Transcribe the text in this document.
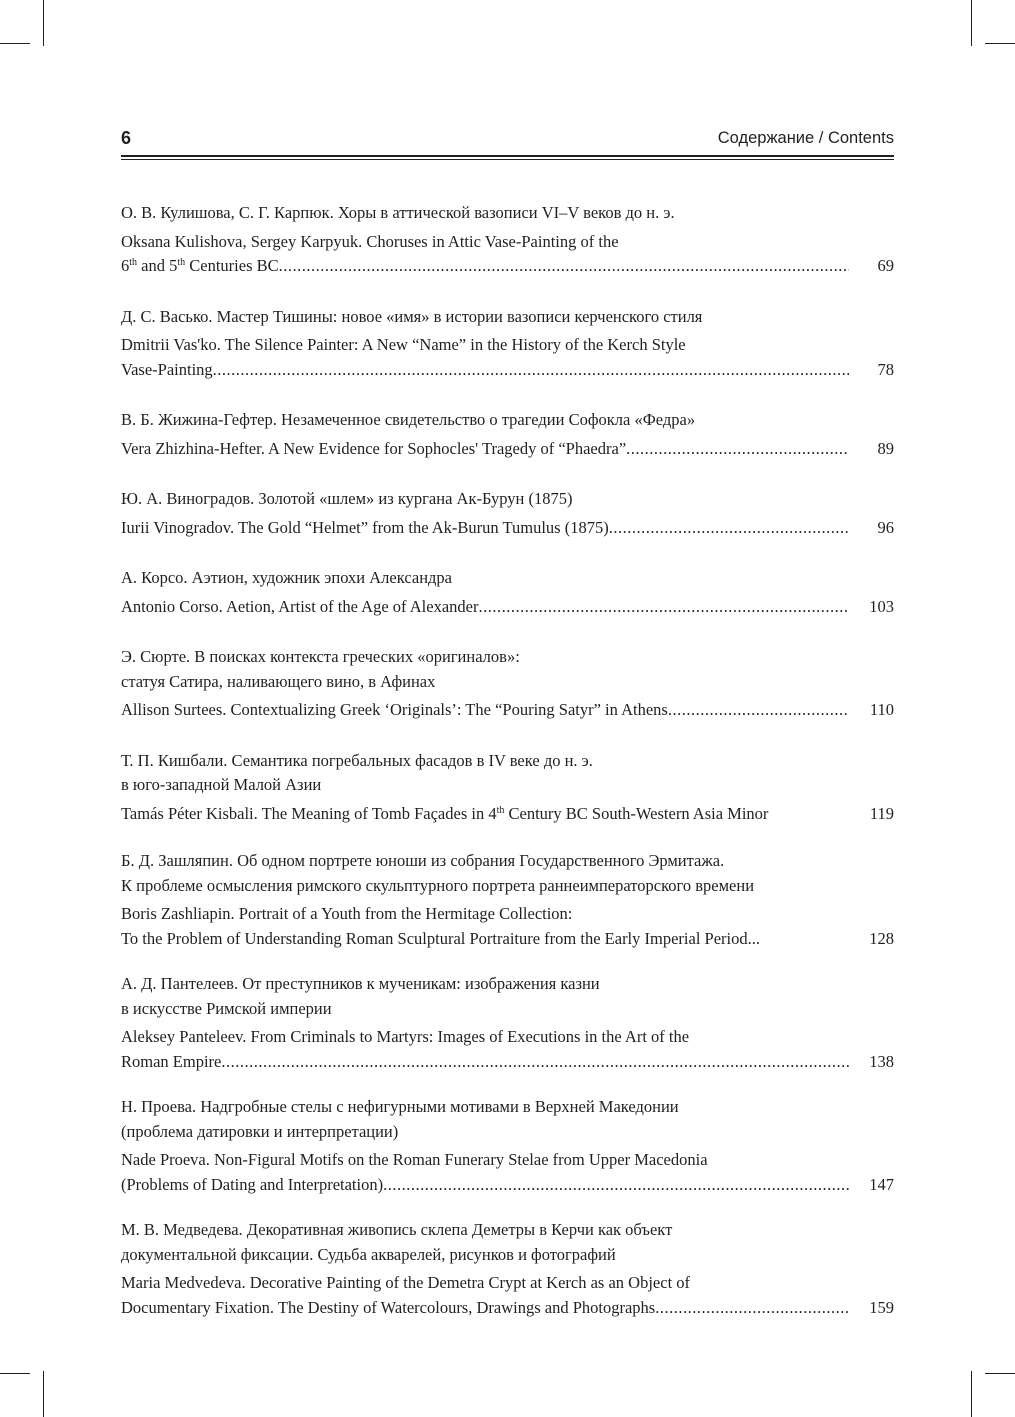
6	Содержание / Contents
О. В. Кулишова, С. Г. Карпюк. Хоры в аттической вазописи VI–V веков до н. э.
Oksana Kulishova, Sergey Karpyuk. Choruses in Attic Vase-Painting of the
6th and 5th Centuries BC .....	69
Д. С. Васько. Мастер Тишины: новое «имя» в истории вазописи керченского стиля
Dmitrii Vas'ko. The Silence Painter: A New “Name” in the History of the Kerch Style
Vase-Painting .....	78
В. Б. Жижина-Гефтер. Незамеченное свидетельство о трагедии Софокла «Федра»
Vera Zhizhina-Hefter. A New Evidence for Sophocles' Tragedy of “Phaedra” .....	89
Ю. А. Виноградов. Золотой «шлем» из кургана Ак-Бурун (1875)
Iurii Vinogradov. The Gold “Helmet” from the Ak-Burun Tumulus (1875) .....	96
А. Корсо. Аэтион, художник эпохи Александра
Antonio Corso. Aetion, Artist of the Age of Alexander .....	103
Э. Сюрте. В поисках контекста греческих «оригиналов»:
статуя Сатира, наливающего вино, в Афинах
Allison Surtees. Contextualizing Greek ‘Originals’: The “Pouring Satyr” in Athens .....	110
Т. П. Кишбали. Семантика погребальных фасадов в IV веке до н. э.
в юго-западной Малой Азии
Tamás Péter Kisbali. The Meaning of Tomb Façades in 4th Century BC South-Western Asia Minor	119
Б. Д. Зашляпин. Об одном портрете юноши из собрания Государственного Эрмитажа.
К проблеме осмысления римского скульптурного портрета раннеимператорского времени
Boris Zashliapin. Portrait of a Youth from the Hermitage Collection:
To the Problem of Understanding Roman Sculptural Portraiture from the Early Imperial Period...	128
А. Д. Пантелеев. От преступников к мученикам: изображения казни
в искусстве Римской империи
Aleksey Panteleev. From Criminals to Martyrs: Images of Executions in the Art of the
Roman Empire .....	138
Н. Проева. Надгробные стелы с нефигурными мотивами в Верхней Македонии
(проблема датировки и интерпретации)
Nade Proeva. Non-Figural Motifs on the Roman Funerary Stelae from Upper Macedonia
(Problems of Dating and Interpretation) .....	147
М. В. Медведева. Декоративная живопись склепа Деметры в Керчи как объект
документальной фиксации. Судьба акварелей, рисунков и фотографий
Maria Medvedeva. Decorative Painting of the Demetra Crypt at Kerch as an Object of
Documentary Fixation. The Destiny of Watercolours, Drawings and Photographs .....	159
